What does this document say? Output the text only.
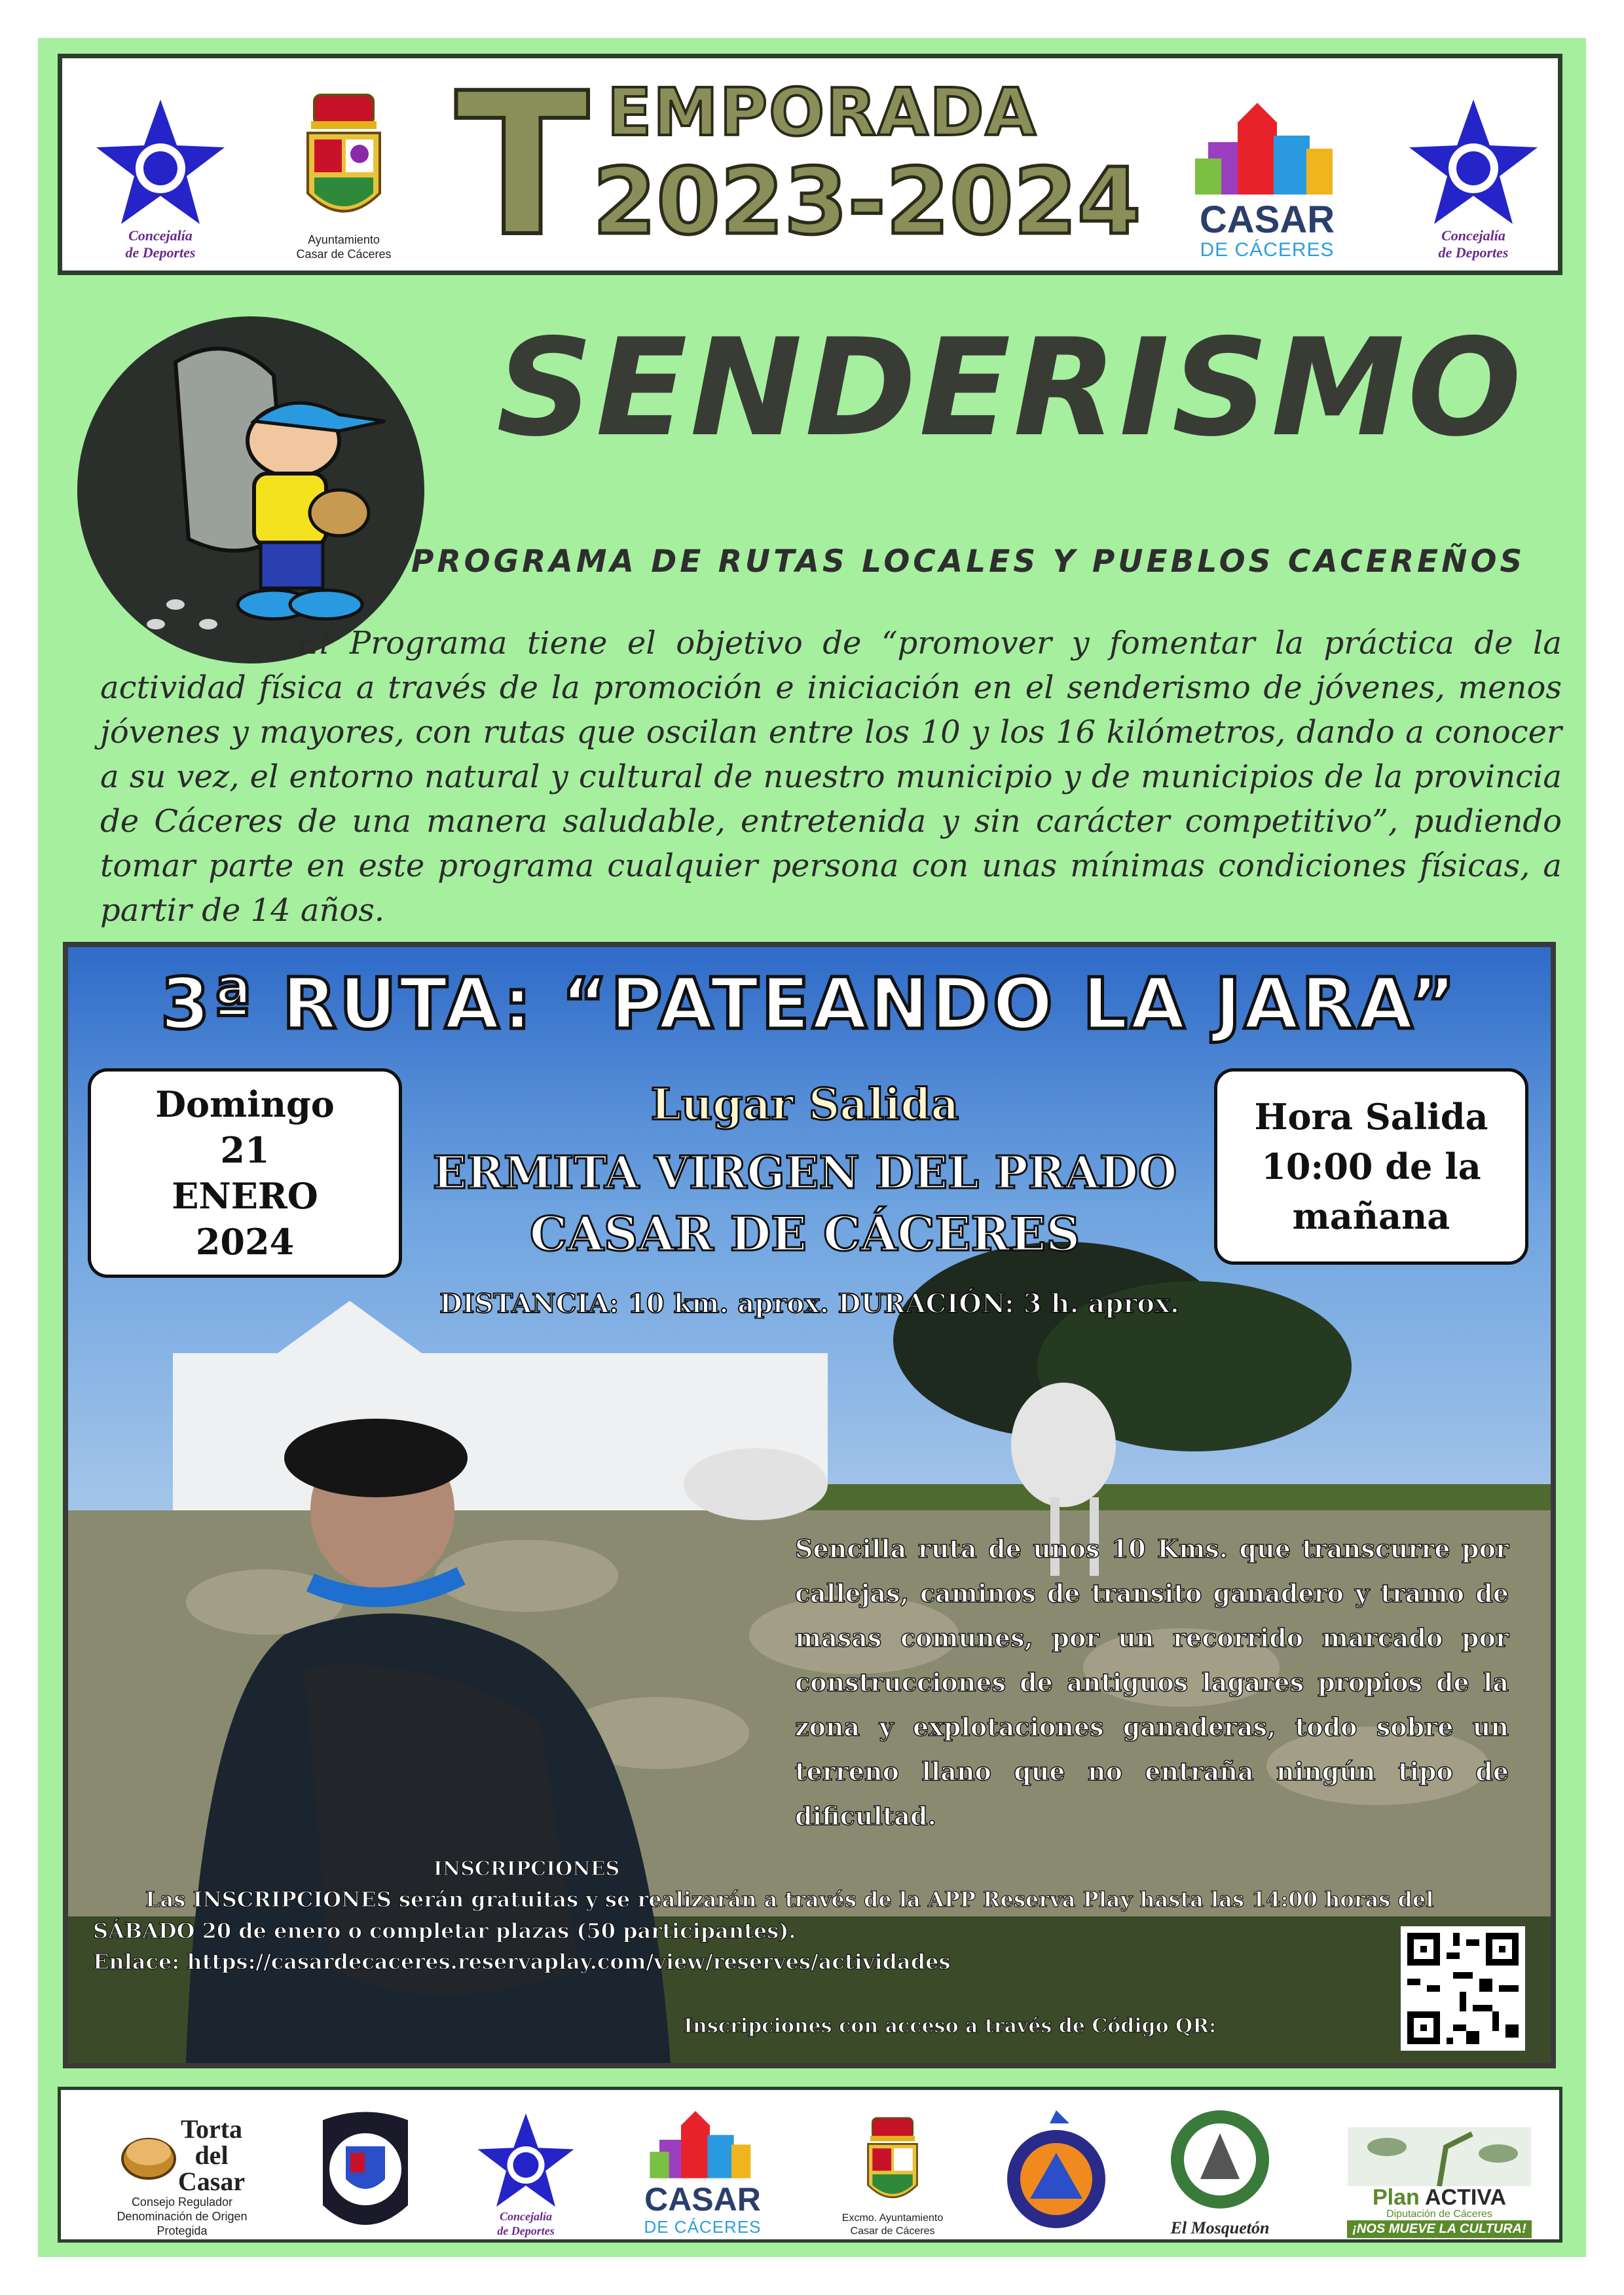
Concejalía
de Deportes
Ayuntamiento
Casar de Cáceres T EMPORADA
2023-2024 CASAR
DE CÁCERES
Concejalía
de Deportes
SENDERISMO
PROGRAMA DE RUTAS LOCALES Y PUEBLOS CACEREÑOS
El Programa tiene el objetivo de “promover y fomentar la práctica de la actividad física a través de la promoción e iniciación en el senderismo de jóvenes, menos jóvenes y mayores, con rutas que oscilan entre los 10 y los 16 kilómetros, dando a conocer a su vez, el entorno natural y cultural de nuestro municipio y de municipios de la provincia de Cáceres de una manera saludable, entretenida y sin carácter competitivo”, pudiendo tomar parte en este programa cualquier persona con unas mínimas condiciones físicas, a partir de 14 años.
3ª RUTA: “PATEANDO LA JARA”
Domingo
21
ENERO
2024
Lugar Salida
ERMITA VIRGEN DEL PRADO
CASAR DE CÁCERES
Hora Salida
10:00 de la
mañana
DISTANCIA: 10 km. aprox. DURACIÓN: 3 h. aprox.
Sencilla ruta de unos 10 Kms. que transcurre por callejas, caminos de transito ganadero y tramo de masas comunes, por un recorrido marcado por construcciones de antiguos lagares propios de la zona y explotaciones ganaderas, todo sobre un terreno llano que no entraña ningún tipo de dificultad.
INSCRIPCIONES
Las INSCRIPCIONES serán gratuitas y se realizarán a través de la APP Reserva Play hasta las 14:00 horas del SÁBADO 20 de enero o completar plazas (50 participantes).
Enlace: https://casardecaceres.reservaplay.com/view/reserves/actividades
Inscripciones con acceso a través de Código QR:
Torta
del
Casar
Consejo Regulador
Denominación de Origen Protegida
Concejalía
de Deportes
CASAR
DE CÁCERES	Excmo. Ayuntamiento
Casar de Cáceres	El Mosquetón
Plan ACTIVA
Diputación de Cáceres
¡NOS MUEVE LA CULTURA!
